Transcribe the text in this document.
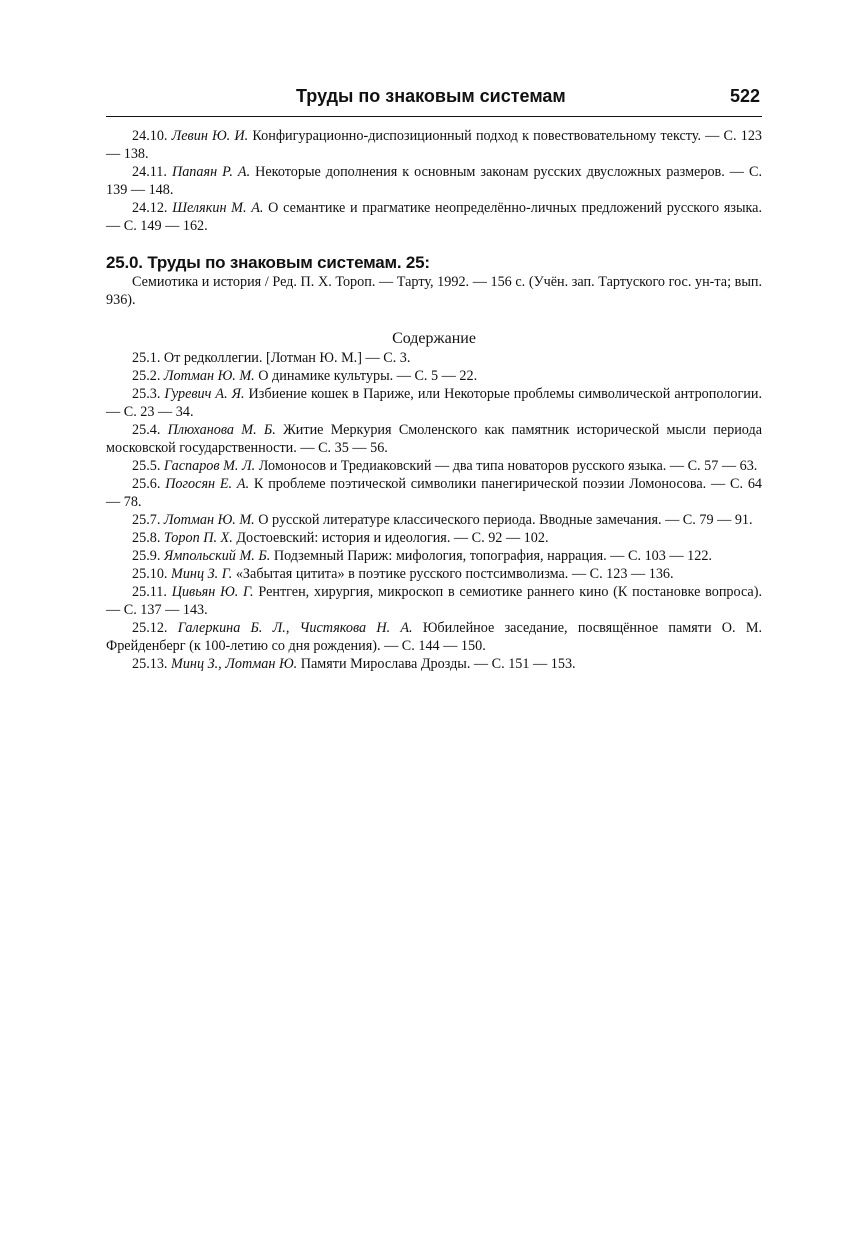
Труды по знаковым системам	522

24.10. Левин Ю. И. Конфигурационно-диспозиционный подход к повествовательному тексту. — С. 123 — 138.

24.11. Папаян Р. А. Некоторые дополнения к основным законам русских двусложных размеров. — С. 139 — 148.

24.12. Шелякин М. А. О семантике и прагматике неопределённо-личных предложений русского языка. — С. 149 — 162.

25.0. Труды по знаковым системам. 25:

Семиотика и история / Ред. П. Х. Тороп. — Тарту, 1992. — 156 с. (Учён. зап. Тартуского гос. ун-та; вып. 936).

Содержание

25.1. От редколлегии. [Лотман Ю. М.] — С. 3.

25.2. Лотман Ю. М. О динамике культуры. — С. 5 — 22.

25.3. Гуревич А. Я. Избиение кошек в Париже, или Некоторые проблемы символической антропологии. — С. 23 — 34.

25.4. Плюханова М. Б. Житие Меркурия Смоленского как памятник исторической мысли периода московской государственности. — С. 35 — 56.

25.5. Гаспаров М. Л. Ломоносов и Тредиаковский — два типа новаторов русского языка. — С. 57 — 63.

25.6. Погосян Е. А. К проблеме поэтической символики панегирической поэзии Ломоносова. — С. 64 — 78.

25.7. Лотман Ю. М. О русской литературе классического периода. Вводные замечания. — С. 79 — 91.

25.8. Тороп П. Х. Достоевский: история и идеология. — С. 92 — 102.

25.9. Ямпольский М. Б. Подземный Париж: мифология, топография, наррация. — С. 103 — 122.

25.10. Минц З. Г. «Забытая цитита» в поэтике русского постсимволизма. — С. 123 — 136.

25.11. Цивьян Ю. Г. Рентген, хирургия, микроскоп в семиотике раннего кино (К постановке вопроса). — С. 137 — 143.

25.12. Галеркина Б. Л., Чистякова Н. А. Юбилейное заседание, посвящённое памяти О. М. Фрейденберг (к 100-летию со дня рождения). — С. 144 — 150.

25.13. Минц З., Лотман Ю. Памяти Мирослава Дрозды. — С. 151 — 153.
